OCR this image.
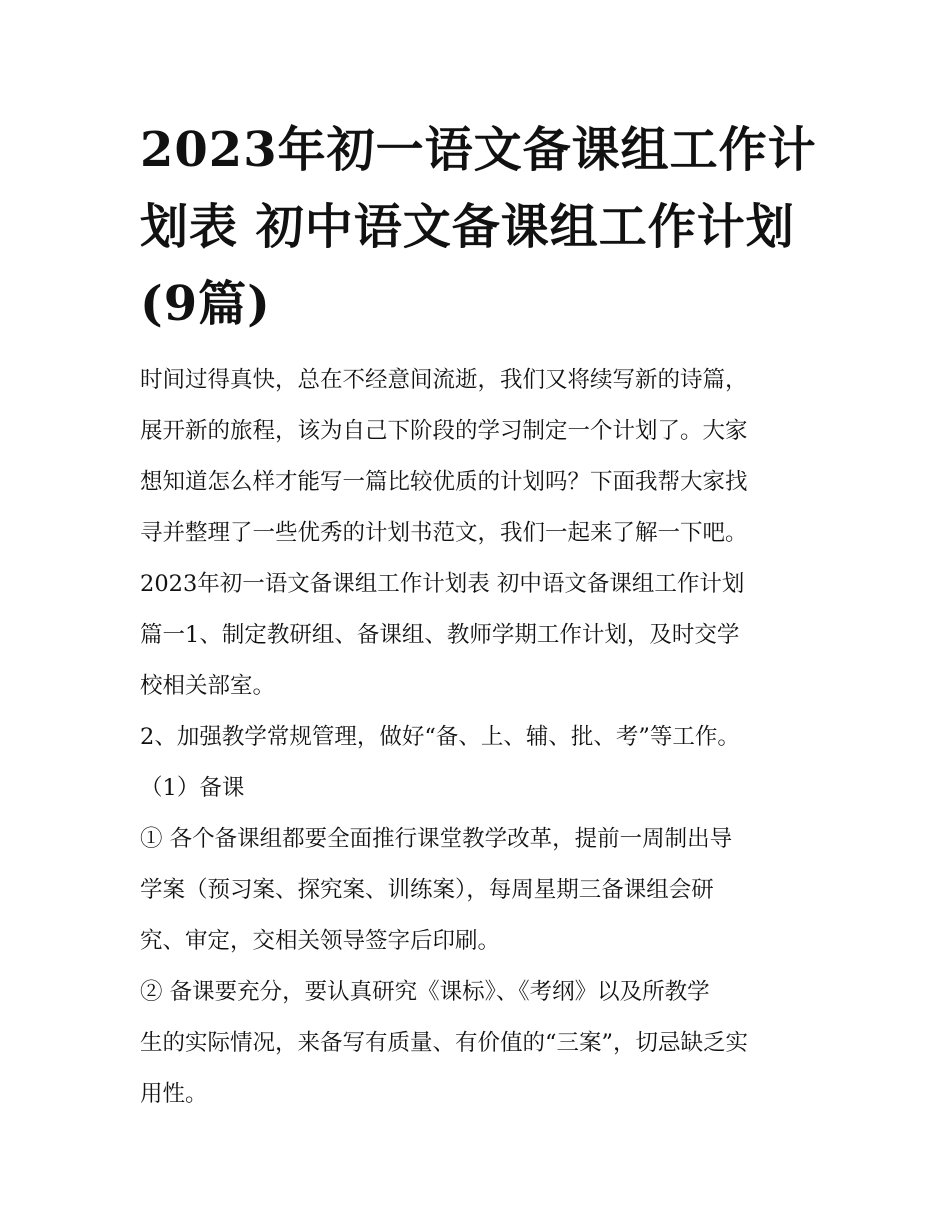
2023年初一语文备课组工作计
划表 初中语文备课组工作计划
(9篇)
时间过得真快，总在不经意间流逝，我们又将续写新的诗篇，
展开新的旅程，该为自己下阶段的学习制定一个计划了。大家
想知道怎么样才能写一篇比较优质的计划吗？下面我帮大家找
寻并整理了一些优秀的计划书范文，我们一起来了解一下吧。
2023年初一语文备课组工作计划表 初中语文备课组工作计划
篇一1、制定教研组、备课组、教师学期工作计划，及时交学
校相关部室。
2、加强教学常规管理，做好“备、上、辅、批、考”等工作。
（1）备课
① 各个备课组都要全面推行课堂教学改革，提前一周制出导
学案（预习案、探究案、训练案），每周星期三备课组会研
究、审定，交相关领导签字后印刷。
② 备课要充分，要认真研究《课标》、《考纲》以及所教学
生的实际情况，来备写有质量、有价值的“三案”，切忌缺乏实
用性。
